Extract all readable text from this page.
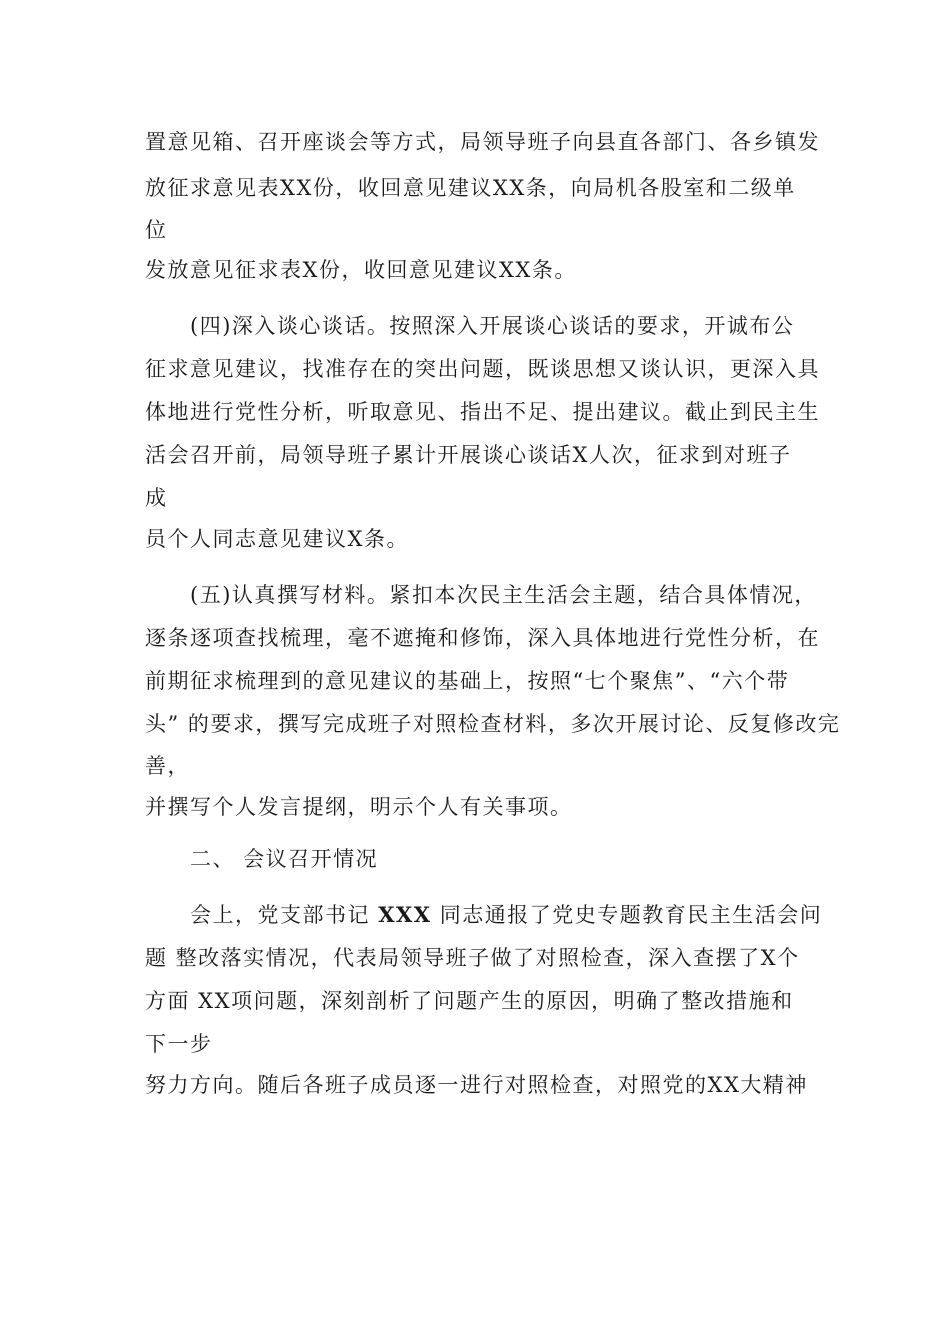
置意见箱、召开座谈会等方式，局领导班子向县直各部门、各乡镇发
放征求意见表XX份，收回意见建议XX条，向局机各股室和二级单
位
发放意见征求表X份，收回意见建议XX条。
(四)深入谈心谈话。按照深入开展谈心谈话的要求，开诚布公
征求意见建议，找准存在的突出问题，既谈思想又谈认识，更深入具
体地进行党性分析，听取意见、指出不足、提出建议。截止到民主生
活会召开前，局领导班子累计开展谈心谈话X人次，征求到对班子
成
员个人同志意见建议X条。
(五)认真撰写材料。紧扣本次民主生活会主题，结合具体情况，
逐条逐项查找梳理，毫不遮掩和修饰，深入具体地进行党性分析，在
前期征求梳理到的意见建议的基础上，按照“七个聚焦”、“六个带
头” 的要求，撰写完成班子对照检查材料，多次开展讨论、反复修改完
善，
并撰写个人发言提纲，明示个人有关事项。
二、 会议召开情况
会上，党支部书记 XXX 同志通报了党史专题教育民主生活会问
题 整改落实情况，代表局领导班子做了对照检查，深入查摆了X个
方面 XX项问题，深刻剖析了问题产生的原因，明确了整改措施和
下一步
努力方向。随后各班子成员逐一进行对照检查，对照党的XX大精神
